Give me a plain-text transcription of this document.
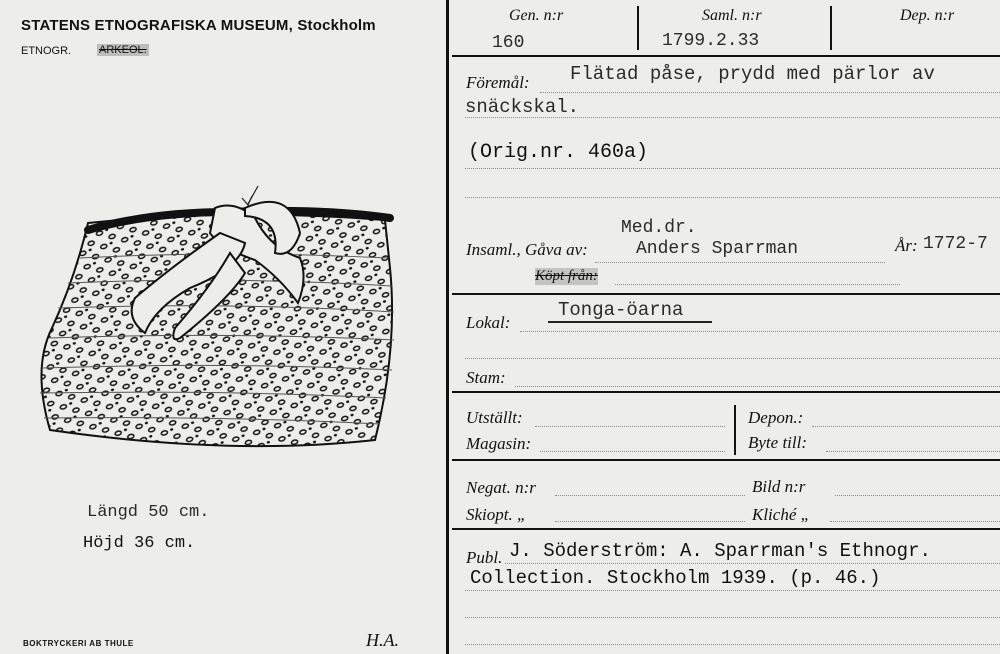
STATENS ETNOGRAFISKA MUSEUM, Stockholm
ETNOGR.	ARKEOL.
Längd 50 cm.
Höjd 36 cm.
H.A.
BOKTRYCKERI AB THULE
Gen. n:r
160
Saml. n:r
1799.2.33
Dep. n:r
Föremål: Flätad påse, prydd med pärlor av
snäckskal.
(Orig.nr. 460a)
Med.dr.
Insaml., Gåva av:	Anders Sparrman	År: 1772-7
Köpt från:
Lokal:
Tonga-öarna
Stam:
Utställt:	Depon.:
Magasin:	Byte till:
Negat. n:r	Bild n:r
Skiopt. „	Kliché „
Publ. J. Söderström: A. Sparrman's Ethnogr.
Collection. Stockholm 1939. (p. 46.)
